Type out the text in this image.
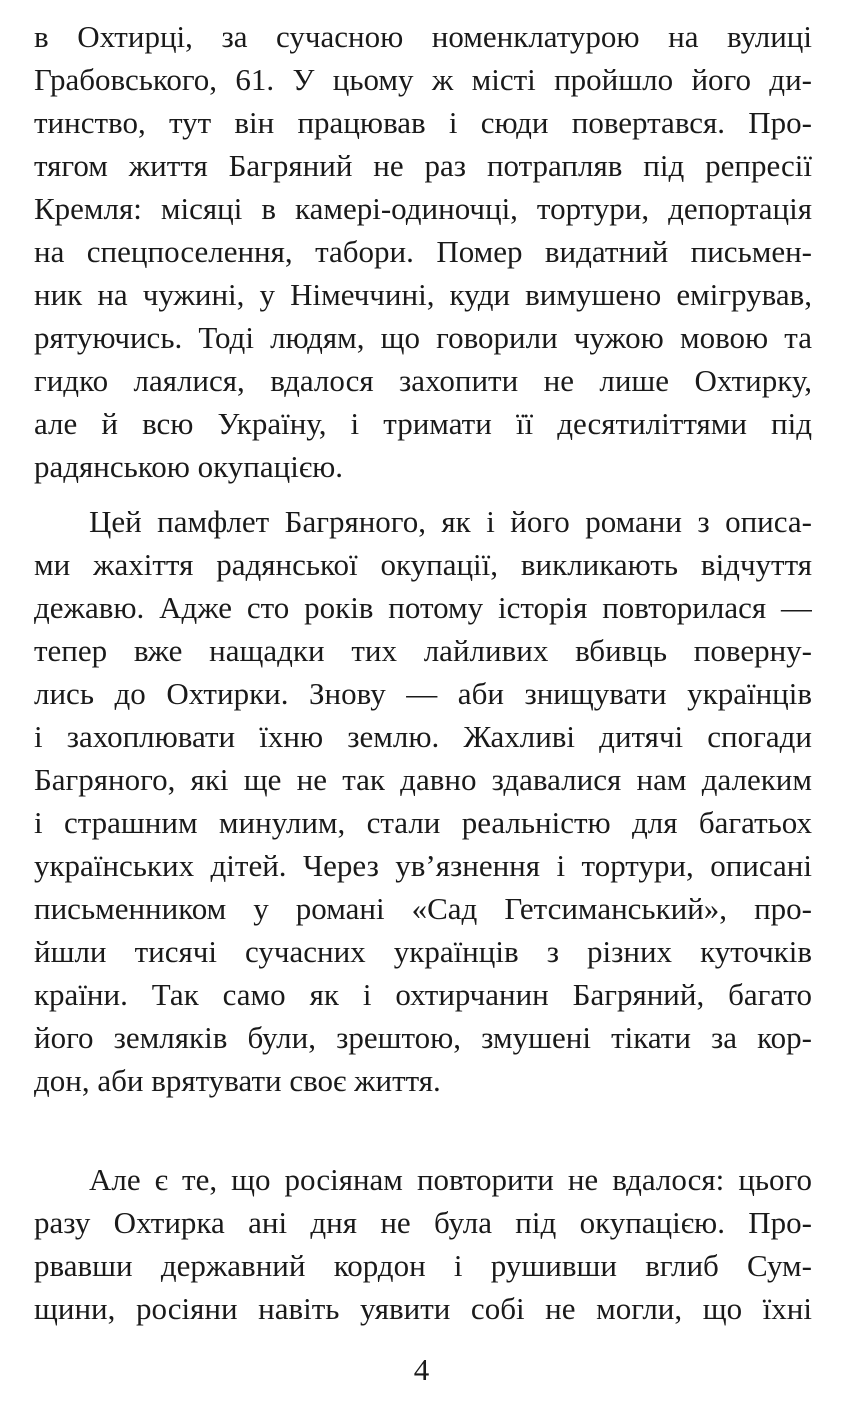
в Охтирці, за сучасною номенклатурою на вулиці
Грабовського, 61. У цьому ж місті пройшло його ди-
тинство, тут він працював і сюди повертався. Про-
тягом життя Багряний не раз потрапляв під репресії
Кремля: місяці в камері-одиночці, тортури, депортація
на спецпоселення, табори. Помер видатний письмен-
ник на чужині, у Німеччині, куди вимушено емігрував,
рятуючись. Тоді людям, що говорили чужою мовою та
гидко лаялися, вдалося захопити не лише Охтирку,
але й всю Україну, і тримати її десятиліттями під
радянською окупацією.
Цей памфлет Багряного, як і його романи з описа-
ми жахіття радянської окупації, викликають відчуття
дежавю. Адже сто років потому історія повторилася —
тепер вже нащадки тих лайливих вбивць поверну-
лись до Охтирки. Знову — аби знищувати українців
і захоплювати їхню землю. Жахливі дитячі спогади
Багряного, які ще не так давно здавалися нам далеким
і страшним минулим, стали реальністю для багатьох
українських дітей. Через ув’язнення і тортури, описані
письменником у романі «Сад Гетсиманський», про-
йшли тисячі сучасних українців з різних куточків
країни. Так само як і охтирчанин Багряний, багато
його земляків були, зрештою, змушені тікати за кор-
дон, аби врятувати своє життя.
Але є те, що росіянам повторити не вдалося: цього
разу Охтирка ані дня не була під окупацією. Про-
рвавши державний кордон і рушивши вглиб Сум-
щини, росіяни навіть уявити собі не могли, що їхні
4
